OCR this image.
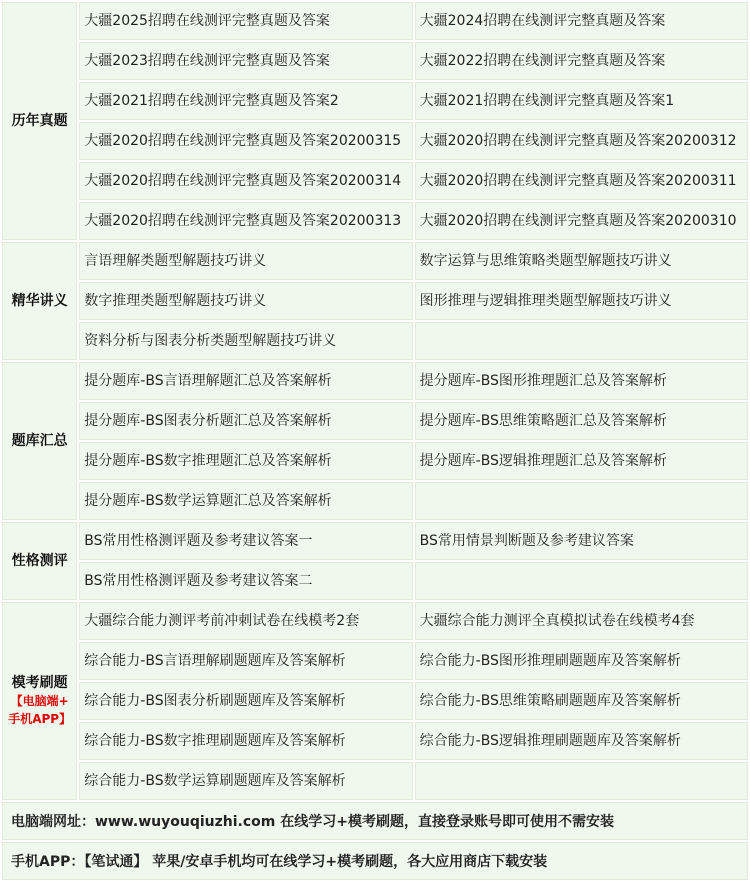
历年真题	大疆2025招聘在线测评完整真题及答案	大疆2024招聘在线测评完整真题及答案

	大疆2023招聘在线测评完整真题及答案	大疆2022招聘在线测评完整真题及答案

	大疆2021招聘在线测评完整真题及答案2	大疆2021招聘在线测评完整真题及答案1

	大疆2020招聘在线测评完整真题及答案20200315	大疆2020招聘在线测评完整真题及答案20200312

	大疆2020招聘在线测评完整真题及答案20200314	大疆2020招聘在线测评完整真题及答案20200311

	大疆2020招聘在线测评完整真题及答案20200313	大疆2020招聘在线测评完整真题及答案20200310

精华讲义	言语理解类题型解题技巧讲义	数字运算与思维策略类题型解题技巧讲义

	数字推理类题型解题技巧讲义	图形推理与逻辑推理类题型解题技巧讲义

	资料分析与图表分析类题型解题技巧讲义	

题库汇总	提分题库-BS言语理解题汇总及答案解析	提分题库-BS图形推理题汇总及答案解析

	提分题库-BS图表分析题汇总及答案解析	提分题库-BS思维策略题汇总及答案解析

	提分题库-BS数字推理题汇总及答案解析	提分题库-BS逻辑推理题汇总及答案解析

	提分题库-BS数学运算题汇总及答案解析	

性格测评	BS常用性格测评题及参考建议答案一	BS常用情景判断题及参考建议答案

	BS常用性格测评题及参考建议答案二	

模考刷题
【电脑端+
手机APP】	大疆综合能力测评考前冲刺试卷在线模考2套	大疆综合能力测评全真模拟试卷在线模考4套

	综合能力-BS言语理解刷题题库及答案解析	综合能力-BS图形推理刷题题库及答案解析

	综合能力-BS图表分析刷题题库及答案解析	综合能力-BS思维策略刷题题库及答案解析

	综合能力-BS数字推理刷题题库及答案解析	综合能力-BS逻辑推理刷题题库及答案解析

	综合能力-BS数学运算刷题题库及答案解析	

电脑端网址：www.wuyouqiuzhi.com 在线学习+模考刷题，直接登录账号即可使用不需安装		
手机APP：【笔试通】 苹果/安卓手机均可在线学习+模考刷题，各大应用商店下载安装		
